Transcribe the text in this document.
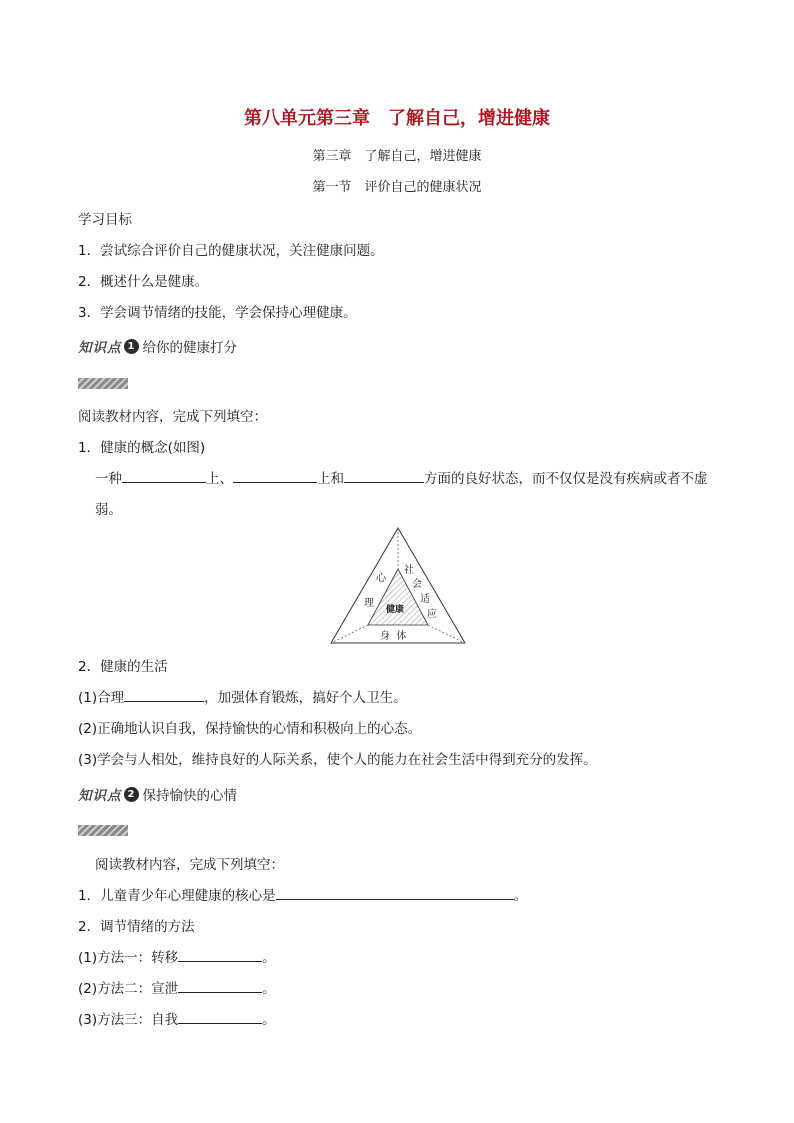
第八单元第三章　了解自己，增进健康
第三章　了解自己，增进健康
第一节　评价自己的健康状况
学习目标
1．尝试综合评价自己的健康状况，关注健康问题。
2．概述什么是健康。
3．学会调节情绪的技能，学会保持心理健康。
知识点 1 给你的健康打分
阅读教材内容，完成下列填空：
1．健康的概念(如图)
一种	上、	上和	方面的良好状态，而不仅仅是没有疾病或者不虚
弱。
心
理
社
会
适
应
健康
身  体
2．健康的生活
(1)合理	，加强体育锻炼，搞好个人卫生。
(2)正确地认识自我，保持愉快的心情和积极向上的心态。
(3)学会与人相处，维持良好的人际关系，使个人的能力在社会生活中得到充分的发挥。
知识点 2 保持愉快的心情
阅读教材内容，完成下列填空：
1．儿童青少年心理健康的核心是	。
2．调节情绪的方法
(1)方法一：转移	。
(2)方法二：宣泄	。
(3)方法三：自我	。
